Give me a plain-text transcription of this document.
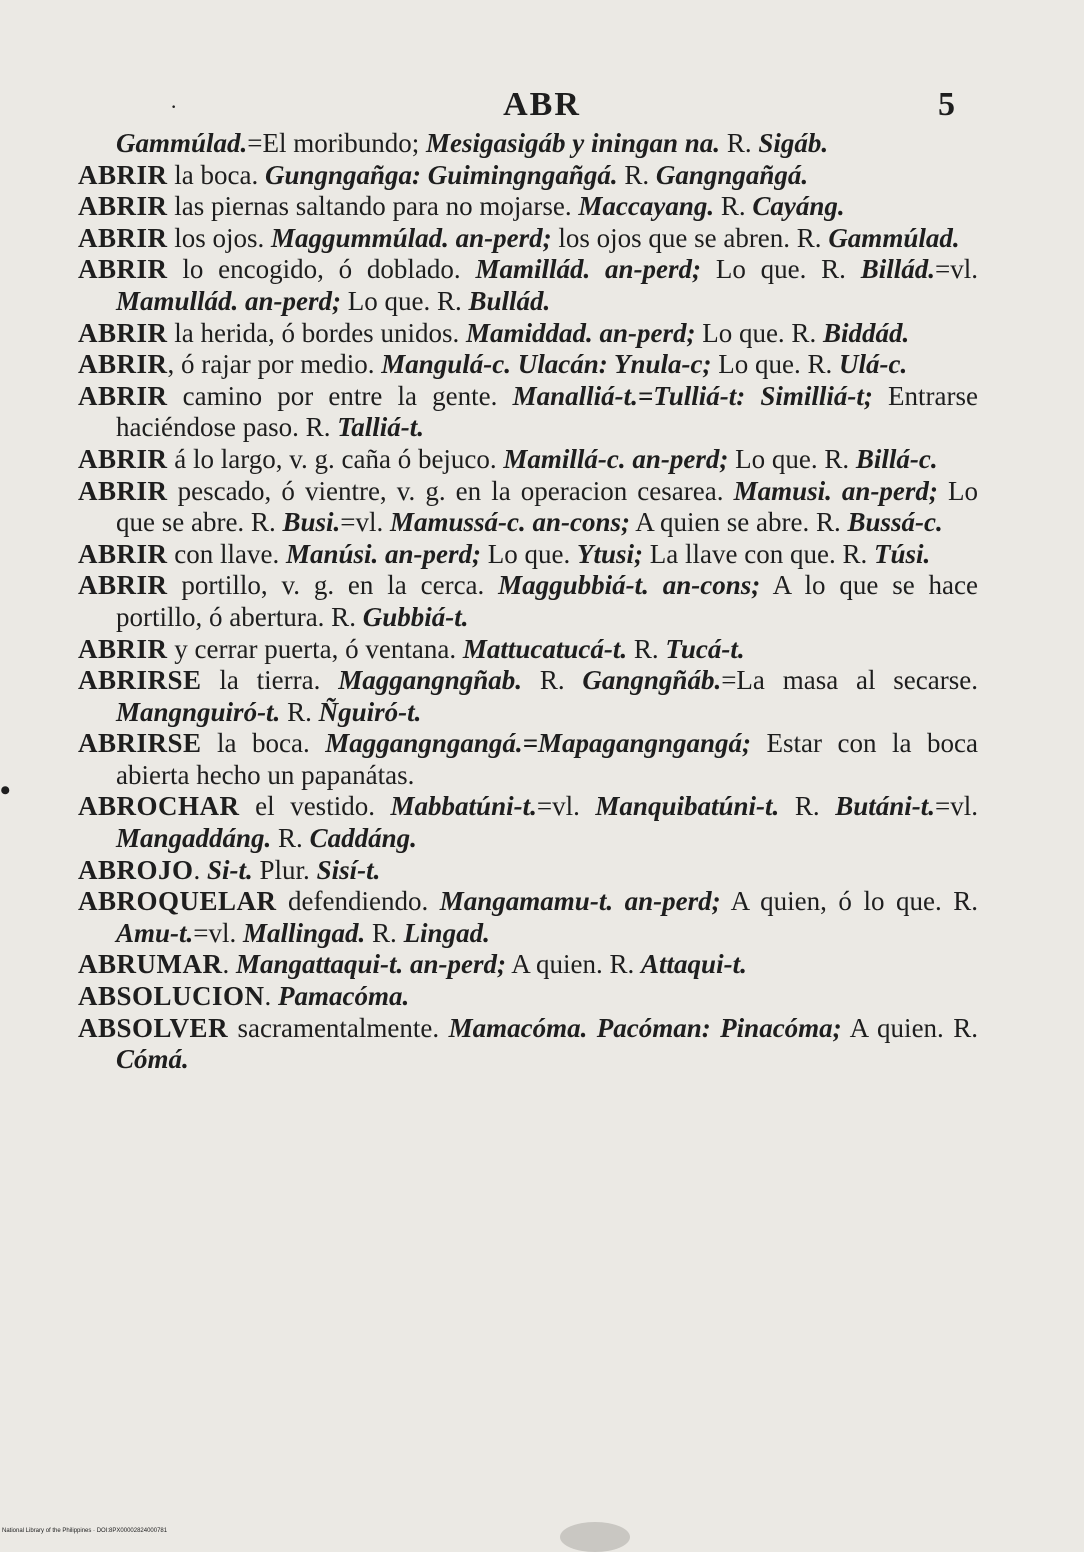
·	ABR	5
•

Gammúlad.=El moribundo; Mesigasigáb y iningan na. R. Sigáb.

ABRIR la boca. Gungngañga: Guimingngañgá. R. Gangngañgá.

ABRIR las piernas saltando para no mojarse. Maccayang. R. Cayáng.

ABRIR los ojos. Maggummúlad. an-perd; los ojos que se abren. R. Gammúlad.

ABRIR lo encogido, ó doblado. Mamillád. an-perd; Lo que. R. Billád.=vl. Mamullád. an-perd; Lo que. R. Bullád.

ABRIR la herida, ó bordes unidos. Mamiddad. an-perd; Lo que. R. Biddád.

ABRIR, ó rajar por medio. Mangulá-c. Ulacán: Ynula-c; Lo que. R. Ulá-c.

ABRIR camino por entre la gente. Manalliá-t.=Tulliá-t: Similliá-t; Entrarse haciéndose paso. R. Talliá-t.

ABRIR á lo largo, v. g. caña ó bejuco. Mamillá-c. an-perd; Lo que. R. Billá-c.

ABRIR pescado, ó vientre, v. g. en la operacion cesarea. Mamusi. an-perd; Lo que se abre. R. Busi.=vl. Mamussá-c. an-cons; A quien se abre. R. Bussá-c.

ABRIR con llave. Manúsi. an-perd; Lo que. Ytusi; La llave con que. R. Túsi.

ABRIR portillo, v. g. en la cerca. Maggubbiá-t. an-cons; A lo que se hace portillo, ó abertura. R. Gubbiá-t.

ABRIR y cerrar puerta, ó ventana. Mattucatucá-t. R. Tucá-t.

ABRIRSE la tierra. Maggangngñab. R. Gangngñáb.=La masa al secarse. Mangnguiró-t. R. Ñguiró-t.

ABRIRSE la boca. Maggangngangá.=Mapagangngangá; Estar con la boca abierta hecho un papanátas.

ABROCHAR el vestido. Mabbatúni-t.=vl. Manquibatúni-t. R. Butáni-t.=vl. Mangaddáng. R. Caddáng.

ABROJO. Si-t. Plur. Sisí-t.

ABROQUELAR defendiendo. Mangamamu-t. an-perd; A quien, ó lo que. R. Amu-t.=vl. Mallingad. R. Lingad.

ABRUMAR. Mangattaqui-t. an-perd; A quien. R. Attaqui-t.

ABSOLUCION. Pamacóma.

ABSOLVER sacramentalmente. Mamacóma. Pacóman: Pinacóma; A quien. R. Cómá.

National Library of the Philippines · DOI:8PX00002824000781
